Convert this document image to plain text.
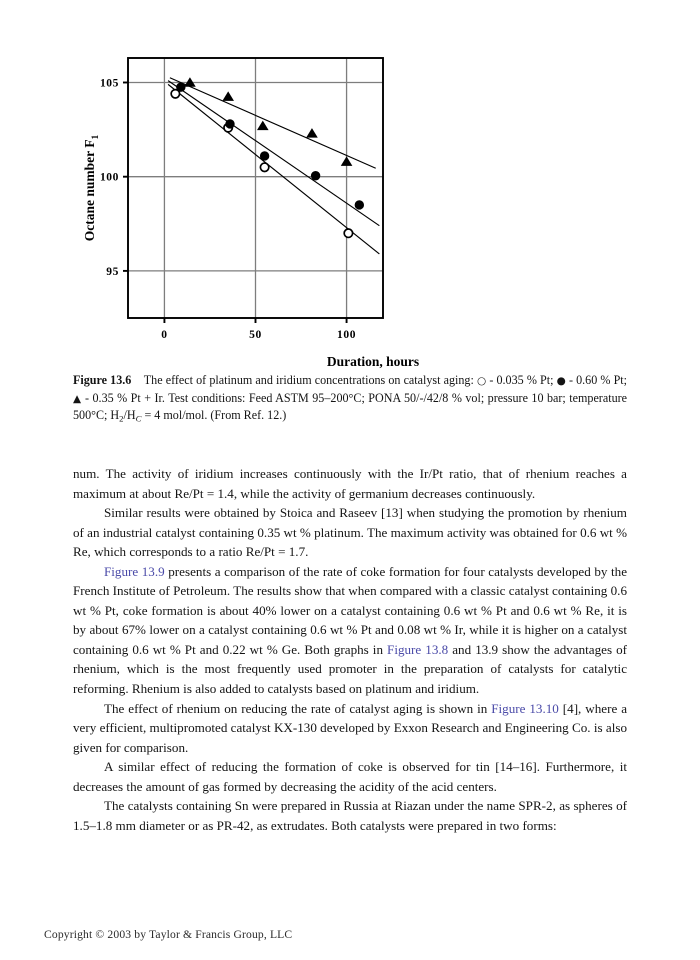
105
100
95
0	50	100
Octane number $F_1$
Duration, hours
Figure 13.6 The effect of platinum and iridium concentrations on catalyst aging: ○ - 0.035 % Pt; ● - 0.60 % Pt; ▲ - 0.35 % Pt + Ir. Test conditions: Feed ASTM 95–200°C; PONA 50/-/42/8 % vol; pressure 10 bar; temperature 500°C; $H_2/H_C = 4$ mol/mol. (From Ref. 12.)

num. The activity of iridium increases continuously with the Ir/Pt ratio, that of rhenium reaches a maximum at about Re/Pt = 1.4, while the activity of germanium decreases continuously.

Similar results were obtained by Stoica and Raseev [13] when studying the promotion by rhenium of an industrial catalyst containing 0.35 wt % platinum. The maximum activity was obtained for 0.6 wt % Re, which corresponds to a ratio Re/Pt = 1.7.

Figure 13.9 presents a comparison of the rate of coke formation for four catalysts developed by the French Institute of Petroleum. The results show that when compared with a classic catalyst containing 0.6 wt % Pt, coke formation is about 40% lower on a catalyst containing 0.6 wt % Pt and 0.6 wt % Re, it is by about 67% lower on a catalyst containing 0.6 wt % Pt and 0.08 wt % Ir, while it is higher on a catalyst containing 0.6 wt % Pt and 0.22 wt % Ge. Both graphs in Figure 13.8 and 13.9 show the advantages of rhenium, which is the most frequently used promoter in the preparation of catalysts for catalytic reforming. Rhenium is also added to catalysts based on platinum and iridium.

The effect of rhenium on reducing the rate of catalyst aging is shown in Figure 13.10 [4], where a very efficient, multipromoted catalyst KX-130 developed by Exxon Research and Engineering Co. is also given for comparison.

A similar effect of reducing the formation of coke is observed for tin [14–16]. Furthermore, it decreases the amount of gas formed by decreasing the acidity of the acid centers.

The catalysts containing Sn were prepared in Russia at Riazan under the name SPR-2, as spheres of 1.5–1.8 mm diameter or as PR-42, as extrudates. Both catalysts were prepared in two forms:

Copyright © 2003 by Taylor & Francis Group, LLC
